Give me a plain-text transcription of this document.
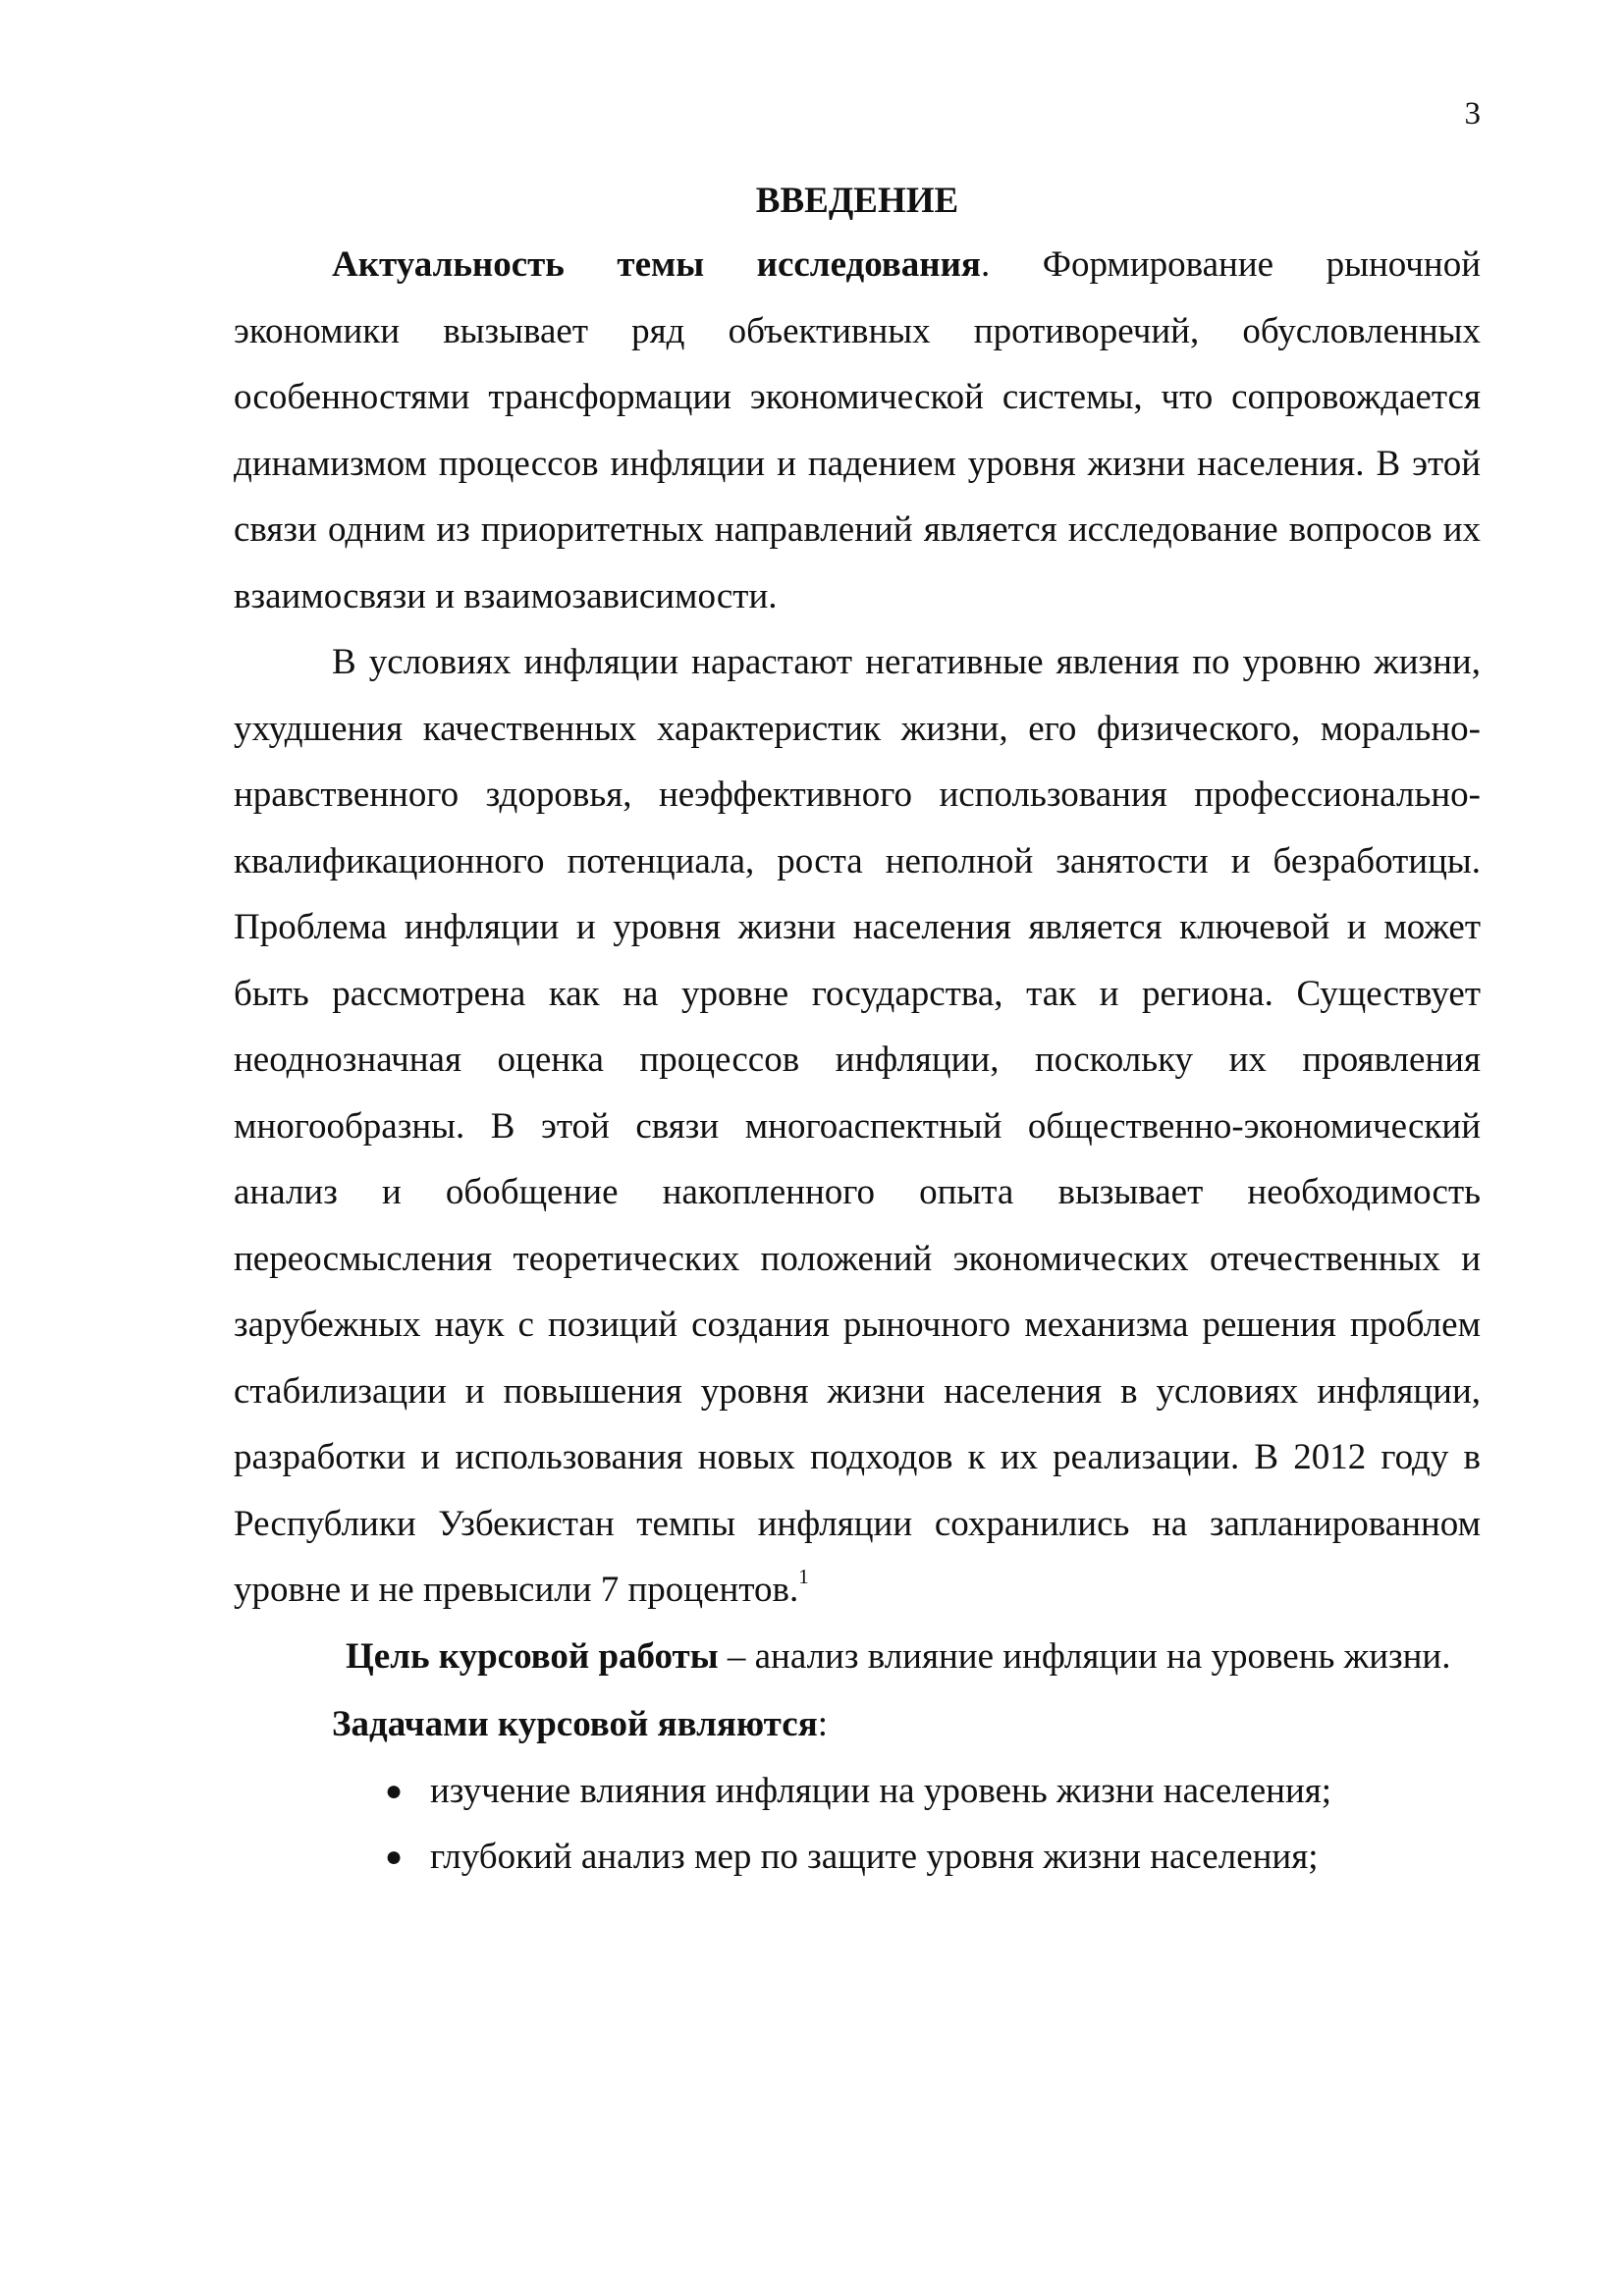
3
ВВЕДЕНИЕ

Актуальность темы исследования. Формирование рыночной экономики вызывает ряд объективных противоречий, обусловленных особенностями трансформации экономической системы, что сопровождается динамизмом процессов инфляции и падением уровня жизни населения. В этой связи одним из приоритетных направлений является исследование вопросов их взаимосвязи и взаимозависимости.

В условиях инфляции нарастают негативные явления по уровню жизни, ухудшения качественных характеристик жизни, его физического, морально-нравственного здоровья, неэффективного использования профессионально-квалификационного потенциала, роста неполной занятости и безработицы. Проблема инфляции и уровня жизни населения является ключевой и может быть рассмотрена как на уровне государства, так и региона. Существует неоднозначная оценка процессов инфляции, поскольку их проявления многообразны. В этой связи многоаспектный общественно-экономический анализ и обобщение накопленного опыта вызывает необходимость переосмысления теоретических положений экономических отечественных и зарубежных наук с позиций создания рыночного механизма решения проблем стабилизации и повышения уровня жизни населения в условиях инфляции, разработки и использования новых подходов к их реализации. В 2012 году в Республики Узбекистан темпы инфляции сохранились на запланированном уровне и не превысили 7 процентов.$^1$

Цель курсовой работы – анализ влияние инфляции на уровень жизни.

Задачами курсовой являются:

● изучение влияния инфляции на уровень жизни населения;
● глубокий анализ мер по защите уровня жизни населения;
